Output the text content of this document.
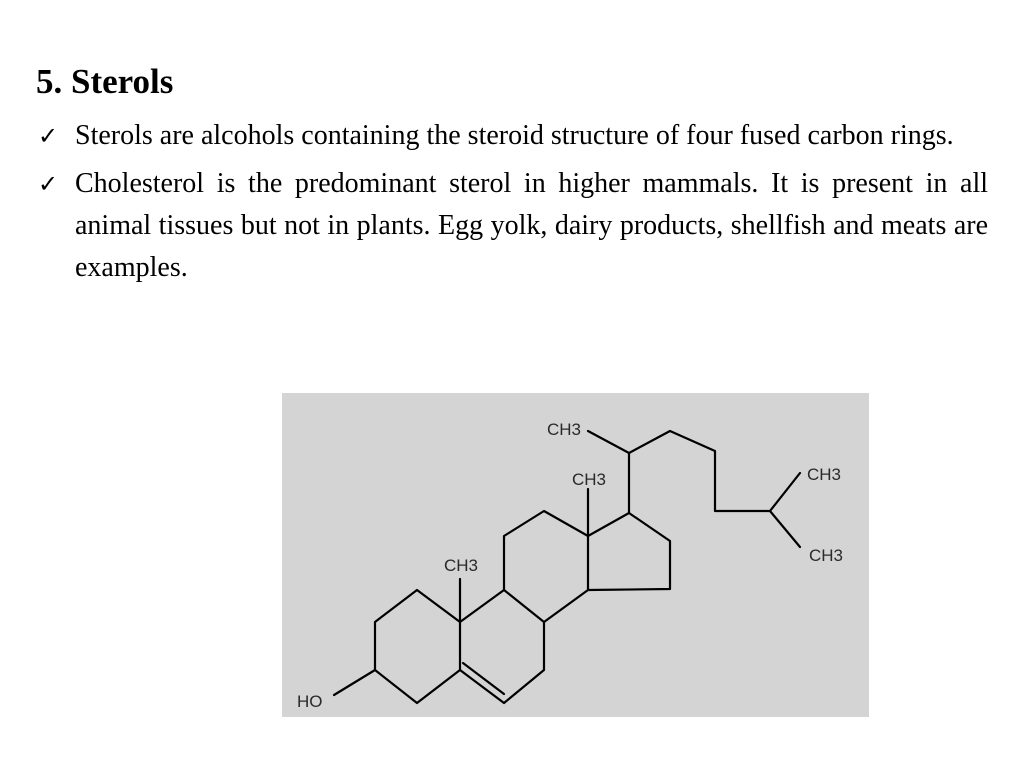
5. Sterols
✓ Sterols are alcohols containing the steroid structure of four fused carbon rings.
✓ Cholesterol is the predominant sterol in higher mammals. It is present in all animal tissues but not in plants. Egg yolk, dairy products, shellfish and meats are examples.
HO
CH3
CH3
CH3
CH3
CH3
